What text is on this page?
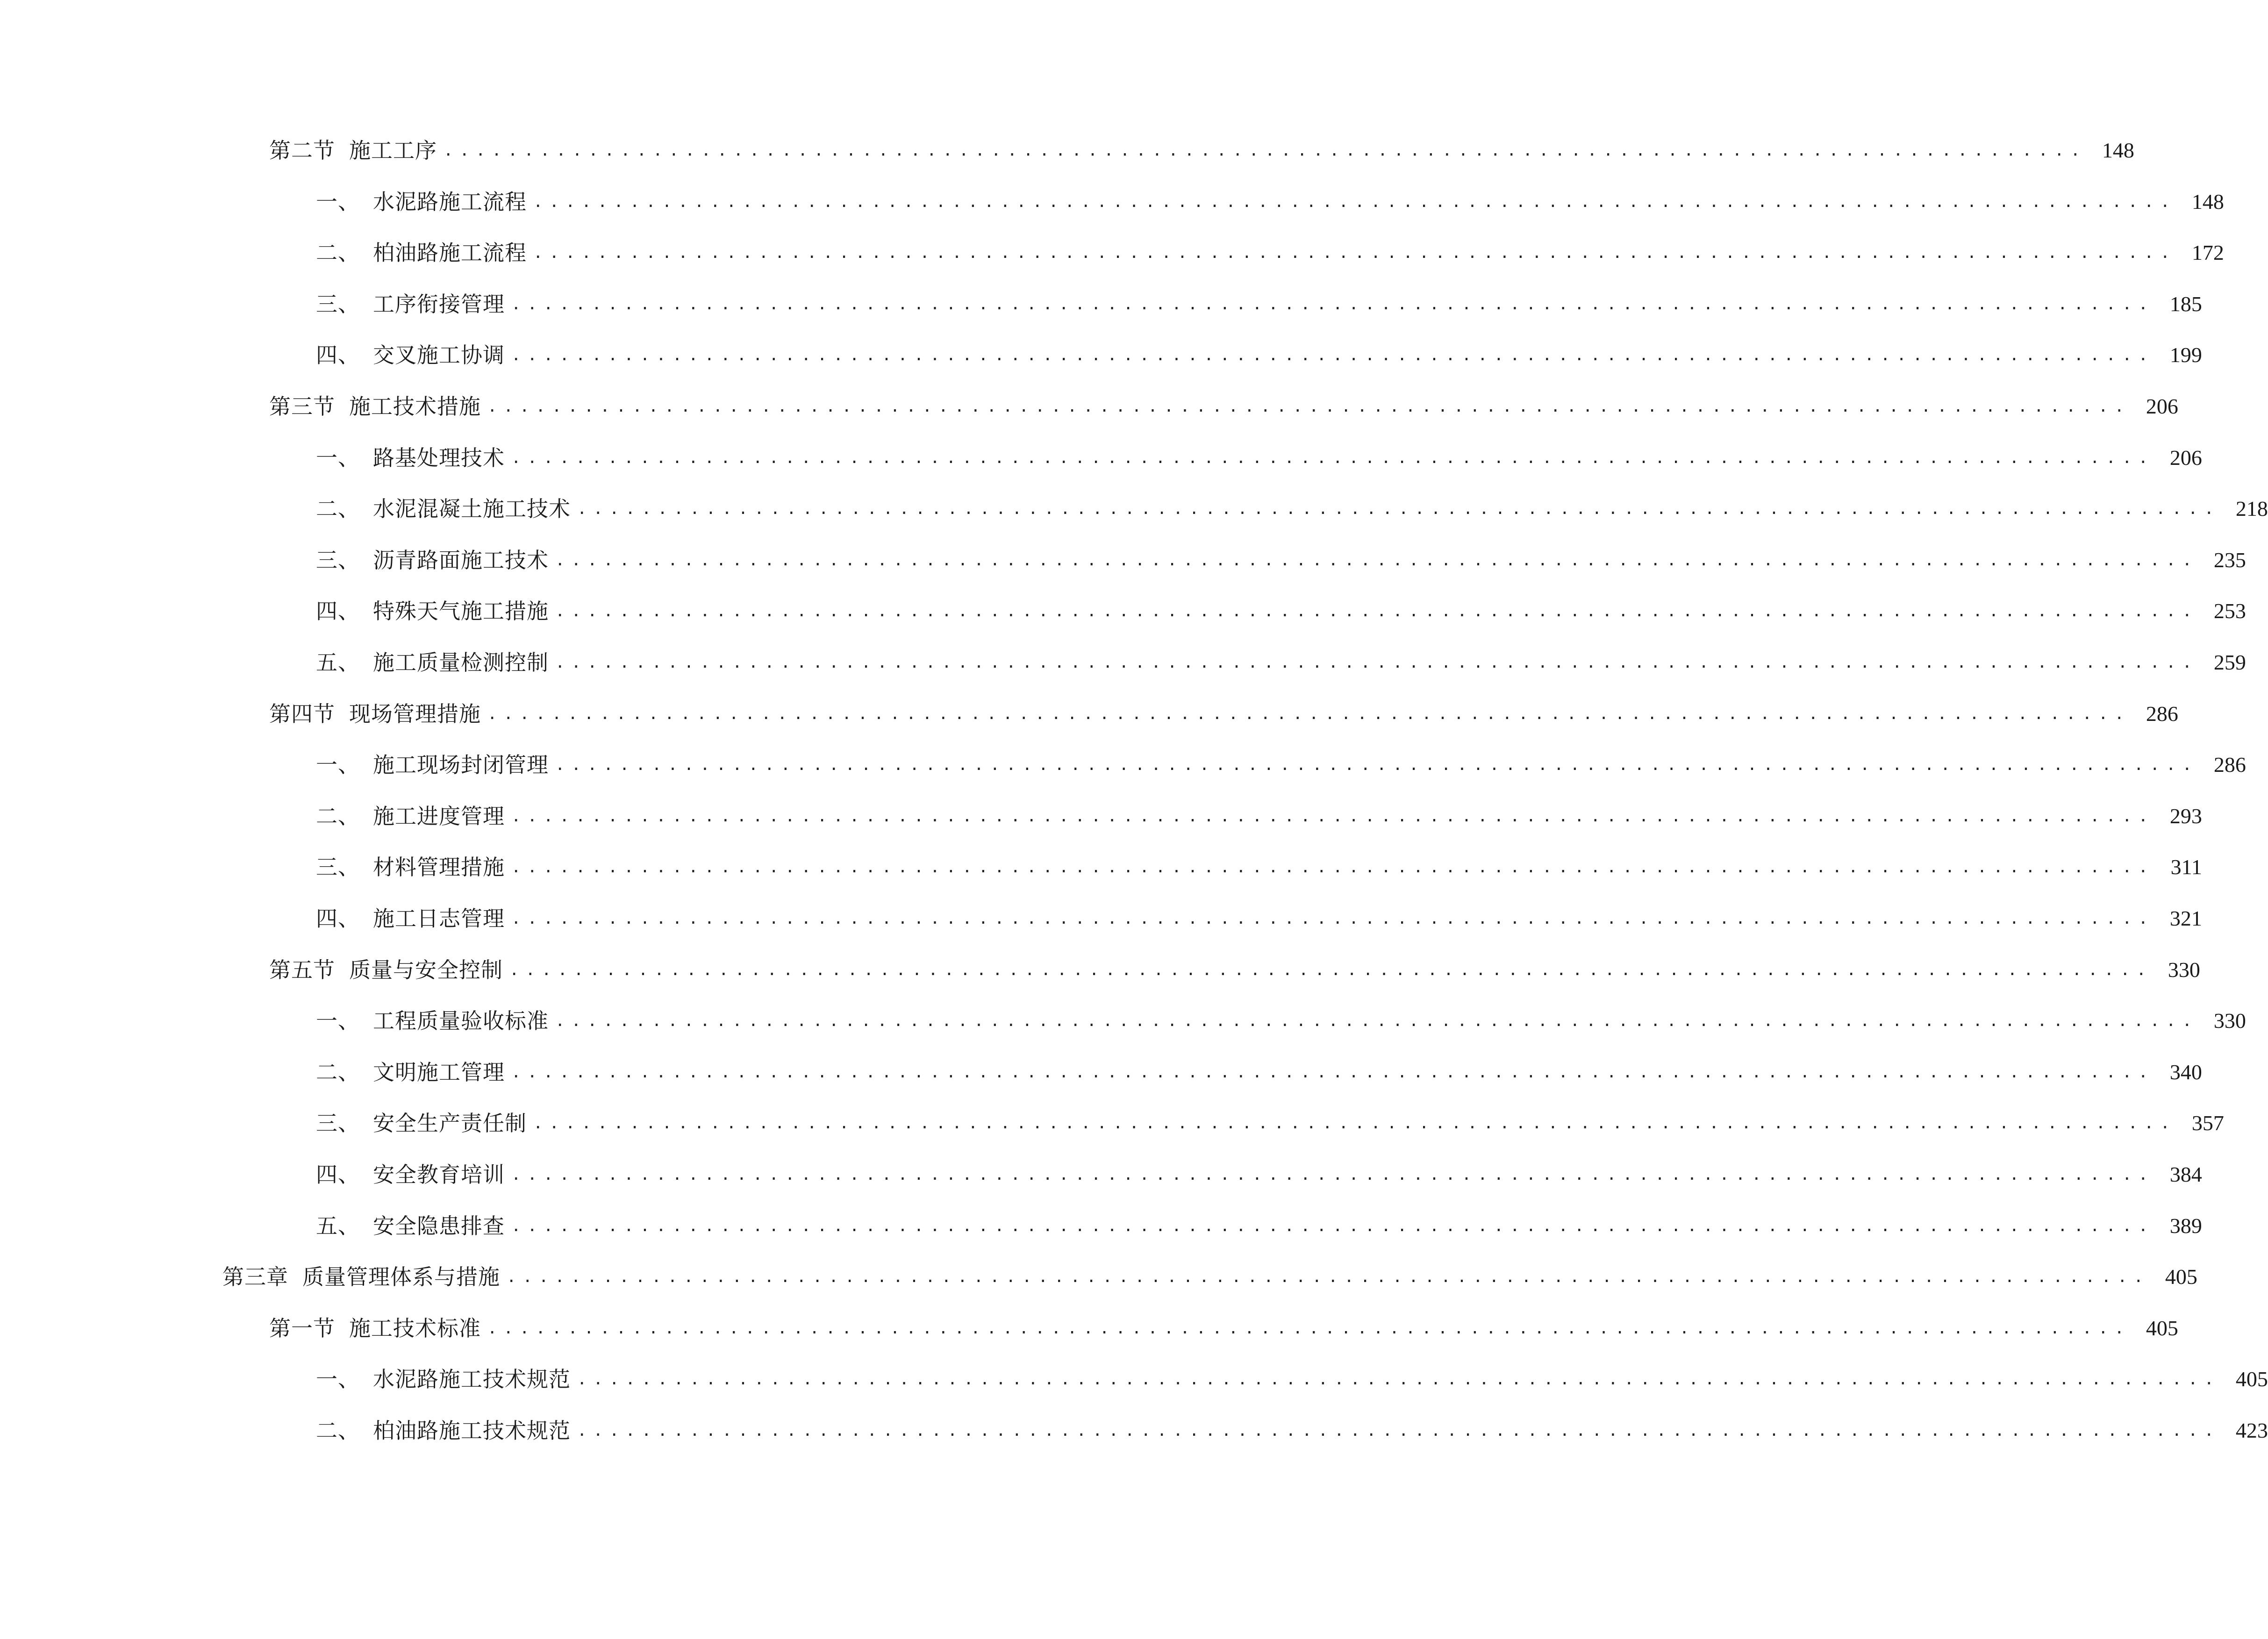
第二节 施工工序 ...................................................................................................... 148
一、 水泥路施工流程 ...................................................................................................... 148
二、 柏油路施工流程 ...................................................................................................... 172
三、 工序衔接管理 ...................................................................................................... 185
四、 交叉施工协调 ...................................................................................................... 199
第三节 施工技术措施 ...................................................................................................... 206
一、 路基处理技术 ...................................................................................................... 206
二、 水泥混凝土施工技术 ...................................................................................................... 218
三、 沥青路面施工技术 ...................................................................................................... 235
四、 特殊天气施工措施 ...................................................................................................... 253
五、 施工质量检测控制 ...................................................................................................... 259
第四节 现场管理措施 ...................................................................................................... 286
一、 施工现场封闭管理 ...................................................................................................... 286
二、 施工进度管理 ...................................................................................................... 293
三、 材料管理措施 ...................................................................................................... 311
四、 施工日志管理 ...................................................................................................... 321
第五节 质量与安全控制 ...................................................................................................... 330
一、 工程质量验收标准 ...................................................................................................... 330
二、 文明施工管理 ...................................................................................................... 340
三、 安全生产责任制 ...................................................................................................... 357
四、 安全教育培训 ...................................................................................................... 384
五、 安全隐患排查 ...................................................................................................... 389
第三章 质量管理体系与措施 ...................................................................................................... 405
第一节 施工技术标准 ...................................................................................................... 405
一、 水泥路施工技术规范 ...................................................................................................... 405
二、 柏油路施工技术规范 ...................................................................................................... 423
